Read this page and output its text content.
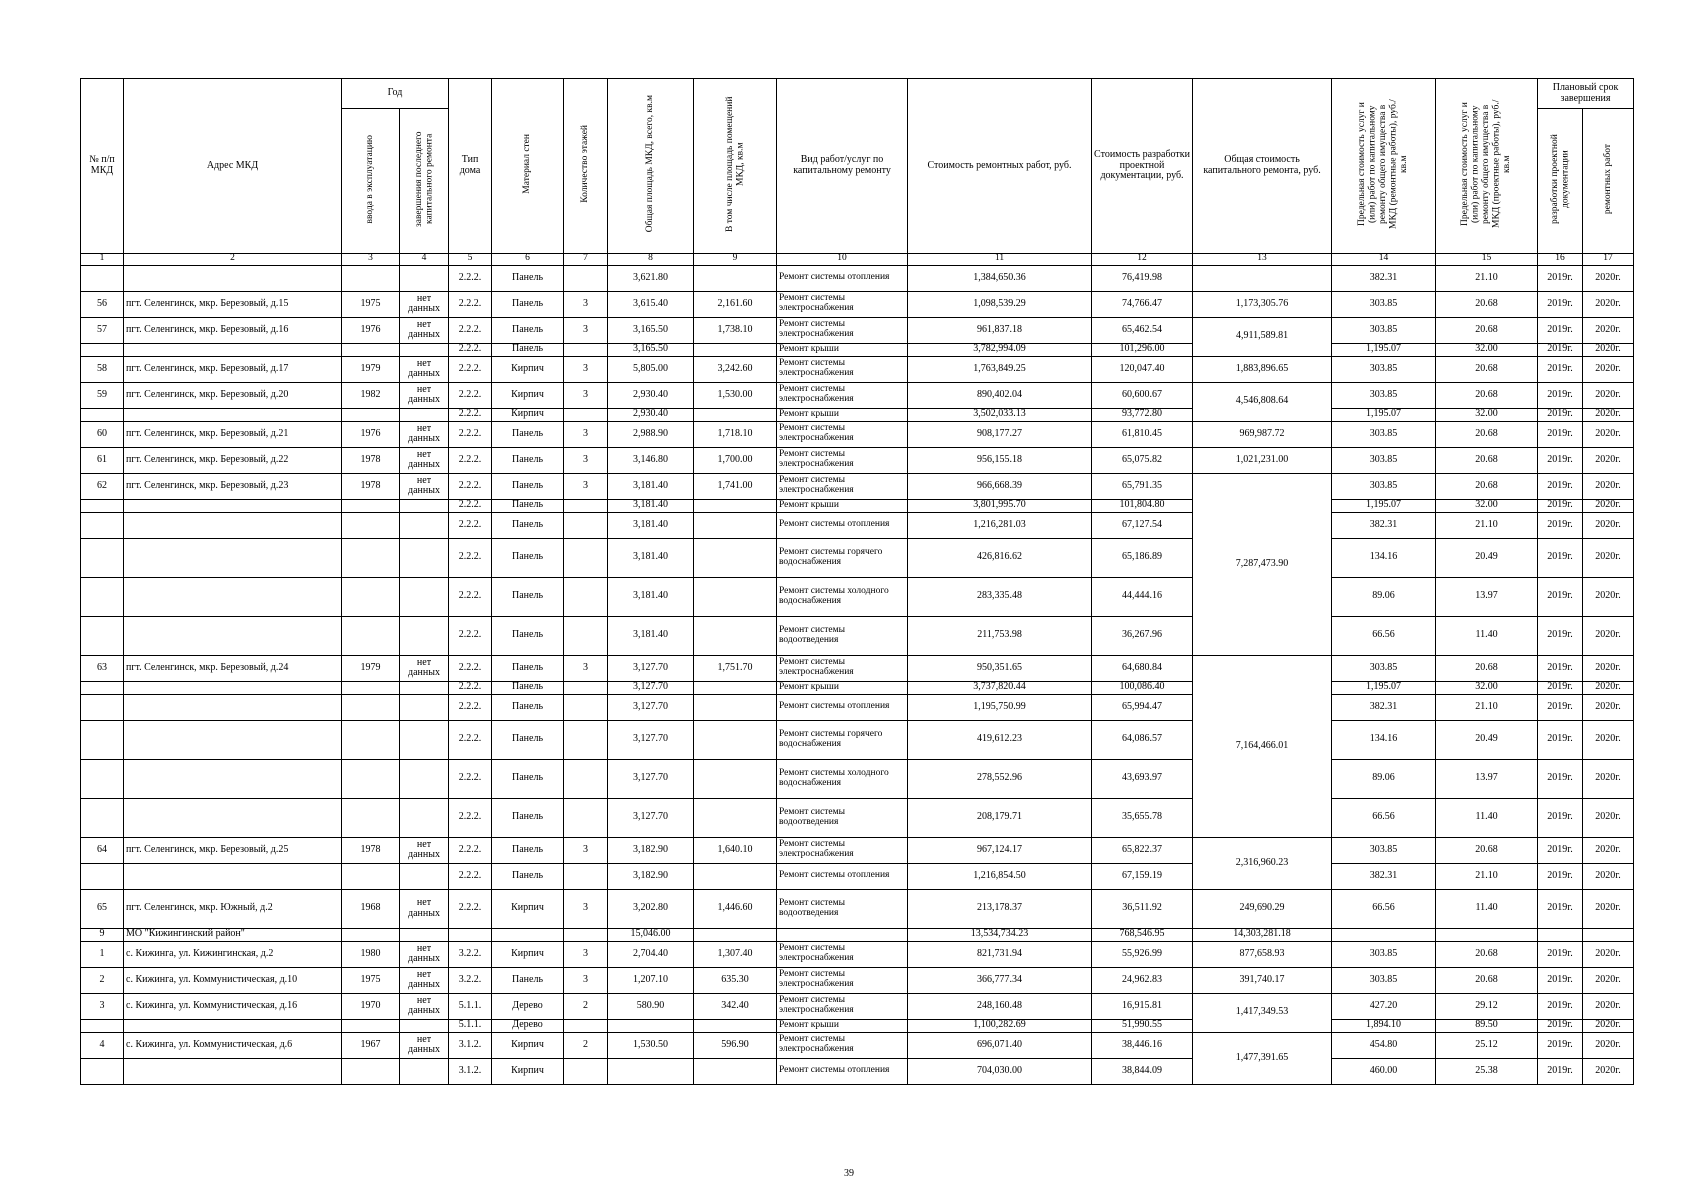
№ п/п МКД	Адрес МКД	Год		Тип дома	Материал стен	Количество этажей	Общая площадь МКД, всего, кв.м	В том числе площадь помещений МКД, кв.м	Вид работ/услуг по капитальному ремонту	Стоимость ремонтных работ, руб.	Стоимость разработки проектной документации, руб.	Общая стоимость капитального ремонта, руб.	Предельная стоимость услуг и (или) работ по капитальному ремонту общего имущества в МКД (ремонтные работы), руб./кв.м	Предельная стоимость услуг и (или) работ по капитальному ремонту общего имущества в МКД (проектные работы), руб./кв.м	Плановый срок завершения	
		ввода в эксплуатацию	завершения последнего капитального ремонта												разработки проектной документации	ремонтных работ
1	2	3	4	5	6	7	8	9	10	11	12	13	14	15	16	17
				2.2.2.	Панель		3,621.80		Ремонт системы отопления	1,384,650.36	76,419.98		382.31	21.10	2019г.	2020г.
56	пгт. Селенгинск, мкр. Березовый, д.15	1975	нет данных	2.2.2.	Панель	3	3,615.40	2,161.60	Ремонт системы электроснабжения	1,098,539.29	74,766.47	1,173,305.76	303.85	20.68	2019г.	2020г.
57	пгт. Селенгинск, мкр. Березовый, д.16	1976	нет данных	2.2.2.	Панель	3	3,165.50	1,738.10	Ремонт системы электроснабжения	961,837.18	65,462.54	4,911,589.81	303.85	20.68	2019г.	2020г.
				2.2.2.	Панель		3,165.50		Ремонт крыши	3,782,994.09	101,296.00		1,195.07	32.00	2019г.	2020г.
58	пгт. Селенгинск, мкр. Березовый, д.17	1979	нет данных	2.2.2.	Кирпич	3	5,805.00	3,242.60	Ремонт системы электроснабжения	1,763,849.25	120,047.40	1,883,896.65	303.85	20.68	2019г.	2020г.
59	пгт. Селенгинск, мкр. Березовый, д.20	1982	нет данных	2.2.2.	Кирпич	3	2,930.40	1,530.00	Ремонт системы электроснабжения	890,402.04	60,600.67	4,546,808.64	303.85	20.68	2019г.	2020г.
				2.2.2.	Кирпич		2,930.40		Ремонт крыши	3,502,033.13	93,772.80		1,195.07	32.00	2019г.	2020г.
60	пгт. Селенгинск, мкр. Березовый, д.21	1976	нет данных	2.2.2.	Панель	3	2,988.90	1,718.10	Ремонт системы электроснабжения	908,177.27	61,810.45	969,987.72	303.85	20.68	2019г.	2020г.
61	пгт. Селенгинск, мкр. Березовый, д.22	1978	нет данных	2.2.2.	Панель	3	3,146.80	1,700.00	Ремонт системы электроснабжения	956,155.18	65,075.82	1,021,231.00	303.85	20.68	2019г.	2020г.
62	пгт. Селенгинск, мкр. Березовый, д.23	1978	нет данных	2.2.2.	Панель	3	3,181.40	1,741.00	Ремонт системы электроснабжения	966,668.39	65,791.35	7,287,473.90	303.85	20.68	2019г.	2020г.
				2.2.2.	Панель		3,181.40		Ремонт крыши	3,801,995.70	101,804.80		1,195.07	32.00	2019г.	2020г.
				2.2.2.	Панель		3,181.40		Ремонт системы отопления	1,216,281.03	67,127.54		382.31	21.10	2019г.	2020г.
				2.2.2.	Панель		3,181.40		Ремонт системы горячего водоснабжения	426,816.62	65,186.89		134.16	20.49	2019г.	2020г.
				2.2.2.	Панель		3,181.40		Ремонт системы холодного водоснабжения	283,335.48	44,444.16		89.06	13.97	2019г.	2020г.
				2.2.2.	Панель		3,181.40		Ремонт системы водоотведения	211,753.98	36,267.96		66.56	11.40	2019г.	2020г.
63	пгт. Селенгинск, мкр. Березовый, д.24	1979	нет данных	2.2.2.	Панель	3	3,127.70	1,751.70	Ремонт системы электроснабжения	950,351.65	64,680.84	7,164,466.01	303.85	20.68	2019г.	2020г.
				2.2.2.	Панель		3,127.70		Ремонт крыши	3,737,820.44	100,086.40		1,195.07	32.00	2019г.	2020г.
				2.2.2.	Панель		3,127.70		Ремонт системы отопления	1,195,750.99	65,994.47		382.31	21.10	2019г.	2020г.
				2.2.2.	Панель		3,127.70		Ремонт системы горячего водоснабжения	419,612.23	64,086.57		134.16	20.49	2019г.	2020г.
				2.2.2.	Панель		3,127.70		Ремонт системы холодного водоснабжения	278,552.96	43,693.97		89.06	13.97	2019г.	2020г.
				2.2.2.	Панель		3,127.70		Ремонт системы водоотведения	208,179.71	35,655.78		66.56	11.40	2019г.	2020г.
64	пгт. Селенгинск, мкр. Березовый, д.25	1978	нет данных	2.2.2.	Панель	3	3,182.90	1,640.10	Ремонт системы электроснабжения	967,124.17	65,822.37	2,316,960.23	303.85	20.68	2019г.	2020г.
				2.2.2.	Панель		3,182.90		Ремонт системы отопления	1,216,854.50	67,159.19		382.31	21.10	2019г.	2020г.
65	пгт. Селенгинск, мкр. Южный, д.2	1968	нет данных	2.2.2.	Кирпич	3	3,202.80	1,446.60	Ремонт системы водоотведения	213,178.37	36,511.92	249,690.29	66.56	11.40	2019г.	2020г.
9	МО "Кижингинский район"						15,046.00			13,534,734.23	768,546.95	14,303,281.18				
1	с. Кижинга, ул. Кижингинская, д.2	1980	нет данных	3.2.2.	Кирпич	3	2,704.40	1,307.40	Ремонт системы электроснабжения	821,731.94	55,926.99	877,658.93	303.85	20.68	2019г.	2020г.
2	с. Кижинга, ул. Коммунистическая, д.10	1975	нет данных	3.2.2.	Панель	3	1,207.10	635.30	Ремонт системы электроснабжения	366,777.34	24,962.83	391,740.17	303.85	20.68	2019г.	2020г.
3	с. Кижинга, ул. Коммунистическая, д.16	1970	нет данных	5.1.1.	Дерево	2	580.90	342.40	Ремонт системы электроснабжения	248,160.48	16,915.81	1,417,349.53	427.20	29.12	2019г.	2020г.
				5.1.1.	Дерево				Ремонт крыши	1,100,282.69	51,990.55		1,894.10	89.50	2019г.	2020г.
4	с. Кижинга, ул. Коммунистическая, д.6	1967	нет данных	3.1.2.	Кирпич	2	1,530.50	596.90	Ремонт системы электроснабжения	696,071.40	38,446.16	1,477,391.65	454.80	25.12	2019г.	2020г.
				3.1.2.	Кирпич				Ремонт системы отопления	704,030.00	38,844.09		460.00	25.38	2019г.	2020г.
39
